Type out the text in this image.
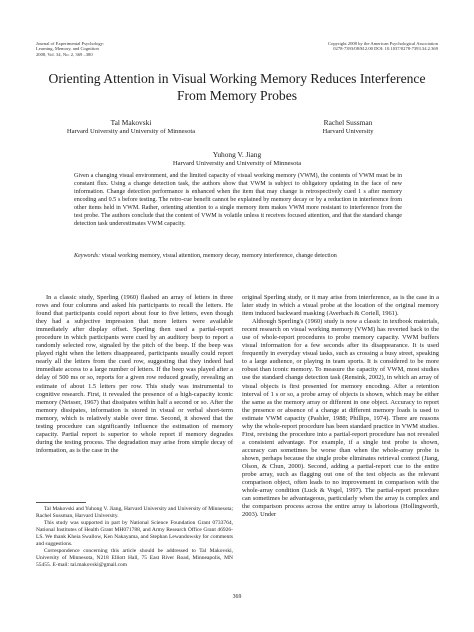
Journal of Experimental Psychology:
Learning, Memory, and Cognition
2008, Vol. 34, No. 2, 369 –380
Copyright 2008 by the American Psychological Association
0278-7393/08/$12.00 DOI: 10.1037/0278-7393.34.2.369
Orienting Attention in Visual Working Memory Reduces Interference From Memory Probes
Tal Makovski
Harvard University and University of Minnesota
Rachel Sussman
Harvard University
Yuhong V. Jiang
Harvard University and University of Minnesota
Given a changing visual environment, and the limited capacity of visual working memory (VWM), the contents of VWM must be in constant flux. Using a change detection task, the authors show that VWM is subject to obligatory updating in the face of new information. Change detection performance is enhanced when the item that may change is retrospectively cued 1 s after memory encoding and 0.5 s before testing. The retro-cue benefit cannot be explained by memory decay or by a reduction in interference from other items held in VWM. Rather, orienting attention to a single memory item makes VWM more resistant to interference from the test probe. The authors conclude that the content of VWM is volatile unless it receives focused attention, and that the standard change detection task underestimates VWM capacity.
Keywords: visual working memory, visual attention, memory decay, memory interference, change detection

In a classic study, Sperling (1960) flashed an array of letters in three rows and four columns and asked his participants to recall the letters. He found that participants could report about four to five letters, even though they had a subjective impression that more letters were available immediately after display offset. Sperling then used a partial-report procedure in which participants were cued by an auditory beep to report a randomly selected row, signaled by the pitch of the beep. If the beep was played right when the letters disappeared, participants usually could report nearly all the letters from the cued row, suggesting that they indeed had immediate access to a large number of letters. If the beep was played after a delay of 500 ms or so, reports for a given row reduced greatly, revealing an estimate of about 1.5 letters per row. This study was instrumental to cognitive research. First, it revealed the presence of a high-capacity iconic memory (Neisser, 1967) that dissipates within half a second or so. After the memory dissipates, information is stored in visual or verbal short-term memory, which is relatively stable over time. Second, it showed that the testing procedure can significantly influence the estimation of memory capacity. Partial report is superior to whole report if memory degrades during the testing process. The degradation may arise from simple decay of information, as is the case in the

original Sperling study, or it may arise from interference, as is the case in a later study in which a visual probe at the location of the original memory item induced backward masking (Averbach & Coriell, 1961).

Although Sperling's (1960) study is now a classic in textbook materials, recent research on visual working memory (VWM) has reverted back to the use of whole-report procedures to probe memory capacity. VWM buffers visual information for a few seconds after its disappearance. It is used frequently in everyday visual tasks, such as crossing a busy street, speaking to a large audience, or playing in team sports. It is considered to be more robust than iconic memory. To measure the capacity of VWM, most studies use the standard change detection task (Rensink, 2002), in which an array of visual objects is first presented for memory encoding. After a retention interval of 1 s or so, a probe array of objects is shown, which may be either the same as the memory array or different in one object. Accuracy to report the presence or absence of a change at different memory loads is used to estimate VWM capacity (Pashler, 1988; Phillips, 1974). There are reasons why the whole-report procedure has been standard practice in VWM studies. First, revising the procedure into a partial-report procedure has not revealed a consistent advantage. For example, if a single test probe is shown, accuracy can sometimes be worse than when the whole-array probe is shown, perhaps because the single probe eliminates retrieval context (Jiang, Olson, & Chun, 2000). Second, adding a partial-report cue to the entire probe array, such as flagging out one of the test objects as the relevant comparison object, often leads to no improvement in comparison with the whole-array condition (Luck & Vogel, 1997). The partial-report procedure can sometimes be advantageous, particularly when the array is complex and the comparison process across the entire array is laborious (Hollingworth, 2003). Under

Tal Makovski and Yuhong V. Jiang, Harvard University and University of Minnesota; Rachel Sussman, Harvard University.

This study was supported in part by National Science Foundation Grant 0733764, National Institutes of Health Grant MH071788, and Army Research Office Grant 46926-LS. We thank Kheia Swallow, Ken Nakayama, and Stephan Lewandowsky for comments and suggestions.

Correspondence concerning this article should be addressed to Tal Makovski, University of Minnesota, N218 Elliott Hall, 75 East River Road, Minneapolis, MN 55455. E-mail: tal.makovski@gmail.com

369
